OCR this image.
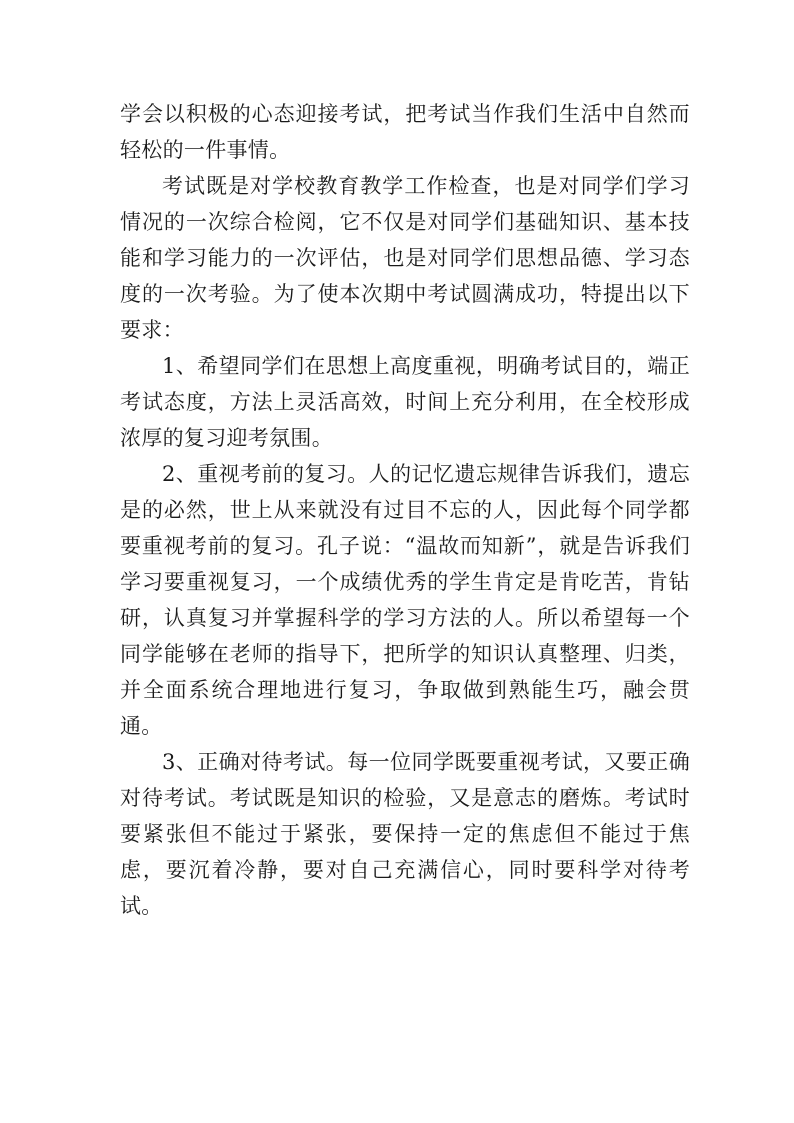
学会以积极的心态迎接考试，把考试当作我们生活中自然而轻松的一件事情。

考试既是对学校教育教学工作检查，也是对同学们学习情况的一次综合检阅，它不仅是对同学们基础知识、基本技能和学习能力的一次评估，也是对同学们思想品德、学习态度的一次考验。为了使本次期中考试圆满成功，特提出以下要求：

1、希望同学们在思想上高度重视，明确考试目的，端正考试态度，方法上灵活高效，时间上充分利用，在全校形成浓厚的复习迎考氛围。

2、重视考前的复习。人的记忆遗忘规律告诉我们，遗忘是的必然，世上从来就没有过目不忘的人，因此每个同学都要重视考前的复习。孔子说：“温故而知新”，就是告诉我们学习要重视复习，一个成绩优秀的学生肯定是肯吃苦，肯钻研，认真复习并掌握科学的学习方法的人。所以希望每一个同学能够在老师的指导下，把所学的知识认真整理、归类，并全面系统合理地进行复习，争取做到熟能生巧，融会贯通。

3、正确对待考试。每一位同学既要重视考试，又要正确对待考试。考试既是知识的检验，又是意志的磨炼。考试时要紧张但不能过于紧张，要保持一定的焦虑但不能过于焦虑，要沉着冷静，要对自己充满信心，同时要科学对待考试。
